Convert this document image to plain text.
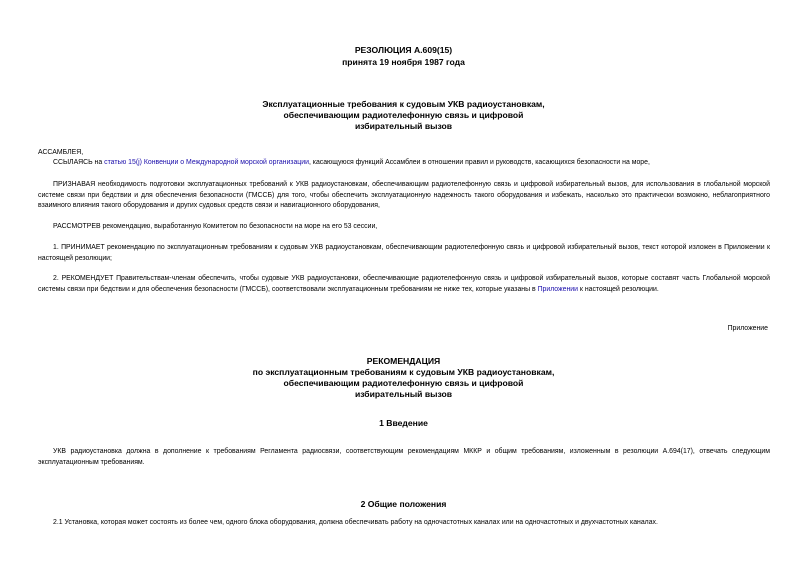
РЕЗОЛЮЦИЯ А.609(15)
принята 19 ноября 1987 года
Эксплуатационные требования к судовым УКВ радиоустановкам,
обеспечивающим радиотелефонную связь и цифровой
избирательный вызов
АССАМБЛЕЯ,
ССЫЛАЯСЬ на статью 15(j) Конвенции о Международной морской организации, касающуюся функций Ассамблеи в отношении правил и руководств, касающихся безопасности на море,
ПРИЗНАВАЯ необходимость подготовки эксплуатационных требований к УКВ радиоустановкам, обеспечивающим радиотелефонную связь и цифровой избирательный вызов, для использования в глобальной морской системе связи при бедствии и для обеспечения безопасности (ГМССБ) для того, чтобы обеспечить эксплуатационную надежность такого оборудования и избежать, насколько это практически возможно, неблагоприятного взаимного влияния такого оборудования и других судовых средств связи и навигационного оборудования,
РАССМОТРЕВ рекомендацию, выработанную Комитетом по безопасности на море на его 53 сессии,
1. ПРИНИМАЕТ рекомендацию по эксплуатационным требованиям к судовым УКВ радиоустановкам, обеспечивающим радиотелефонную связь и цифровой избирательный вызов, текст которой изложен в Приложении к настоящей резолюции;
2. РЕКОМЕНДУЕТ Правительствам-членам обеспечить, чтобы судовые УКВ радиоустановки, обеспечивающие радиотелефонную связь и цифровой избирательный вызов, которые составят часть Глобальной морской системы связи при бедствии и для обеспечения безопасности (ГМССБ), соответствовали эксплуатационным требованиям не ниже тех, которые указаны в Приложении к настоящей резолюции.
Приложение
РЕКОМЕНДАЦИЯ
по эксплуатационным требованиям к судовым УКВ радиоустановкам,
обеспечивающим радиотелефонную связь и цифровой
избирательный вызов
1 Введение
УКВ радиоустановка должна в дополнение к требованиям Регламента радиосвязи, соответствующим рекомендациям МККР и общим требованиям, изложенным в резолюции А.694(17), отвечать следующим эксплуатационным требованиям.
2 Общие положения
2.1 Установка, которая может состоять из более чем, одного блока оборудования, должна обеспечивать работу на одночастотных каналах или на одночастотных и двухчастотных каналах.
